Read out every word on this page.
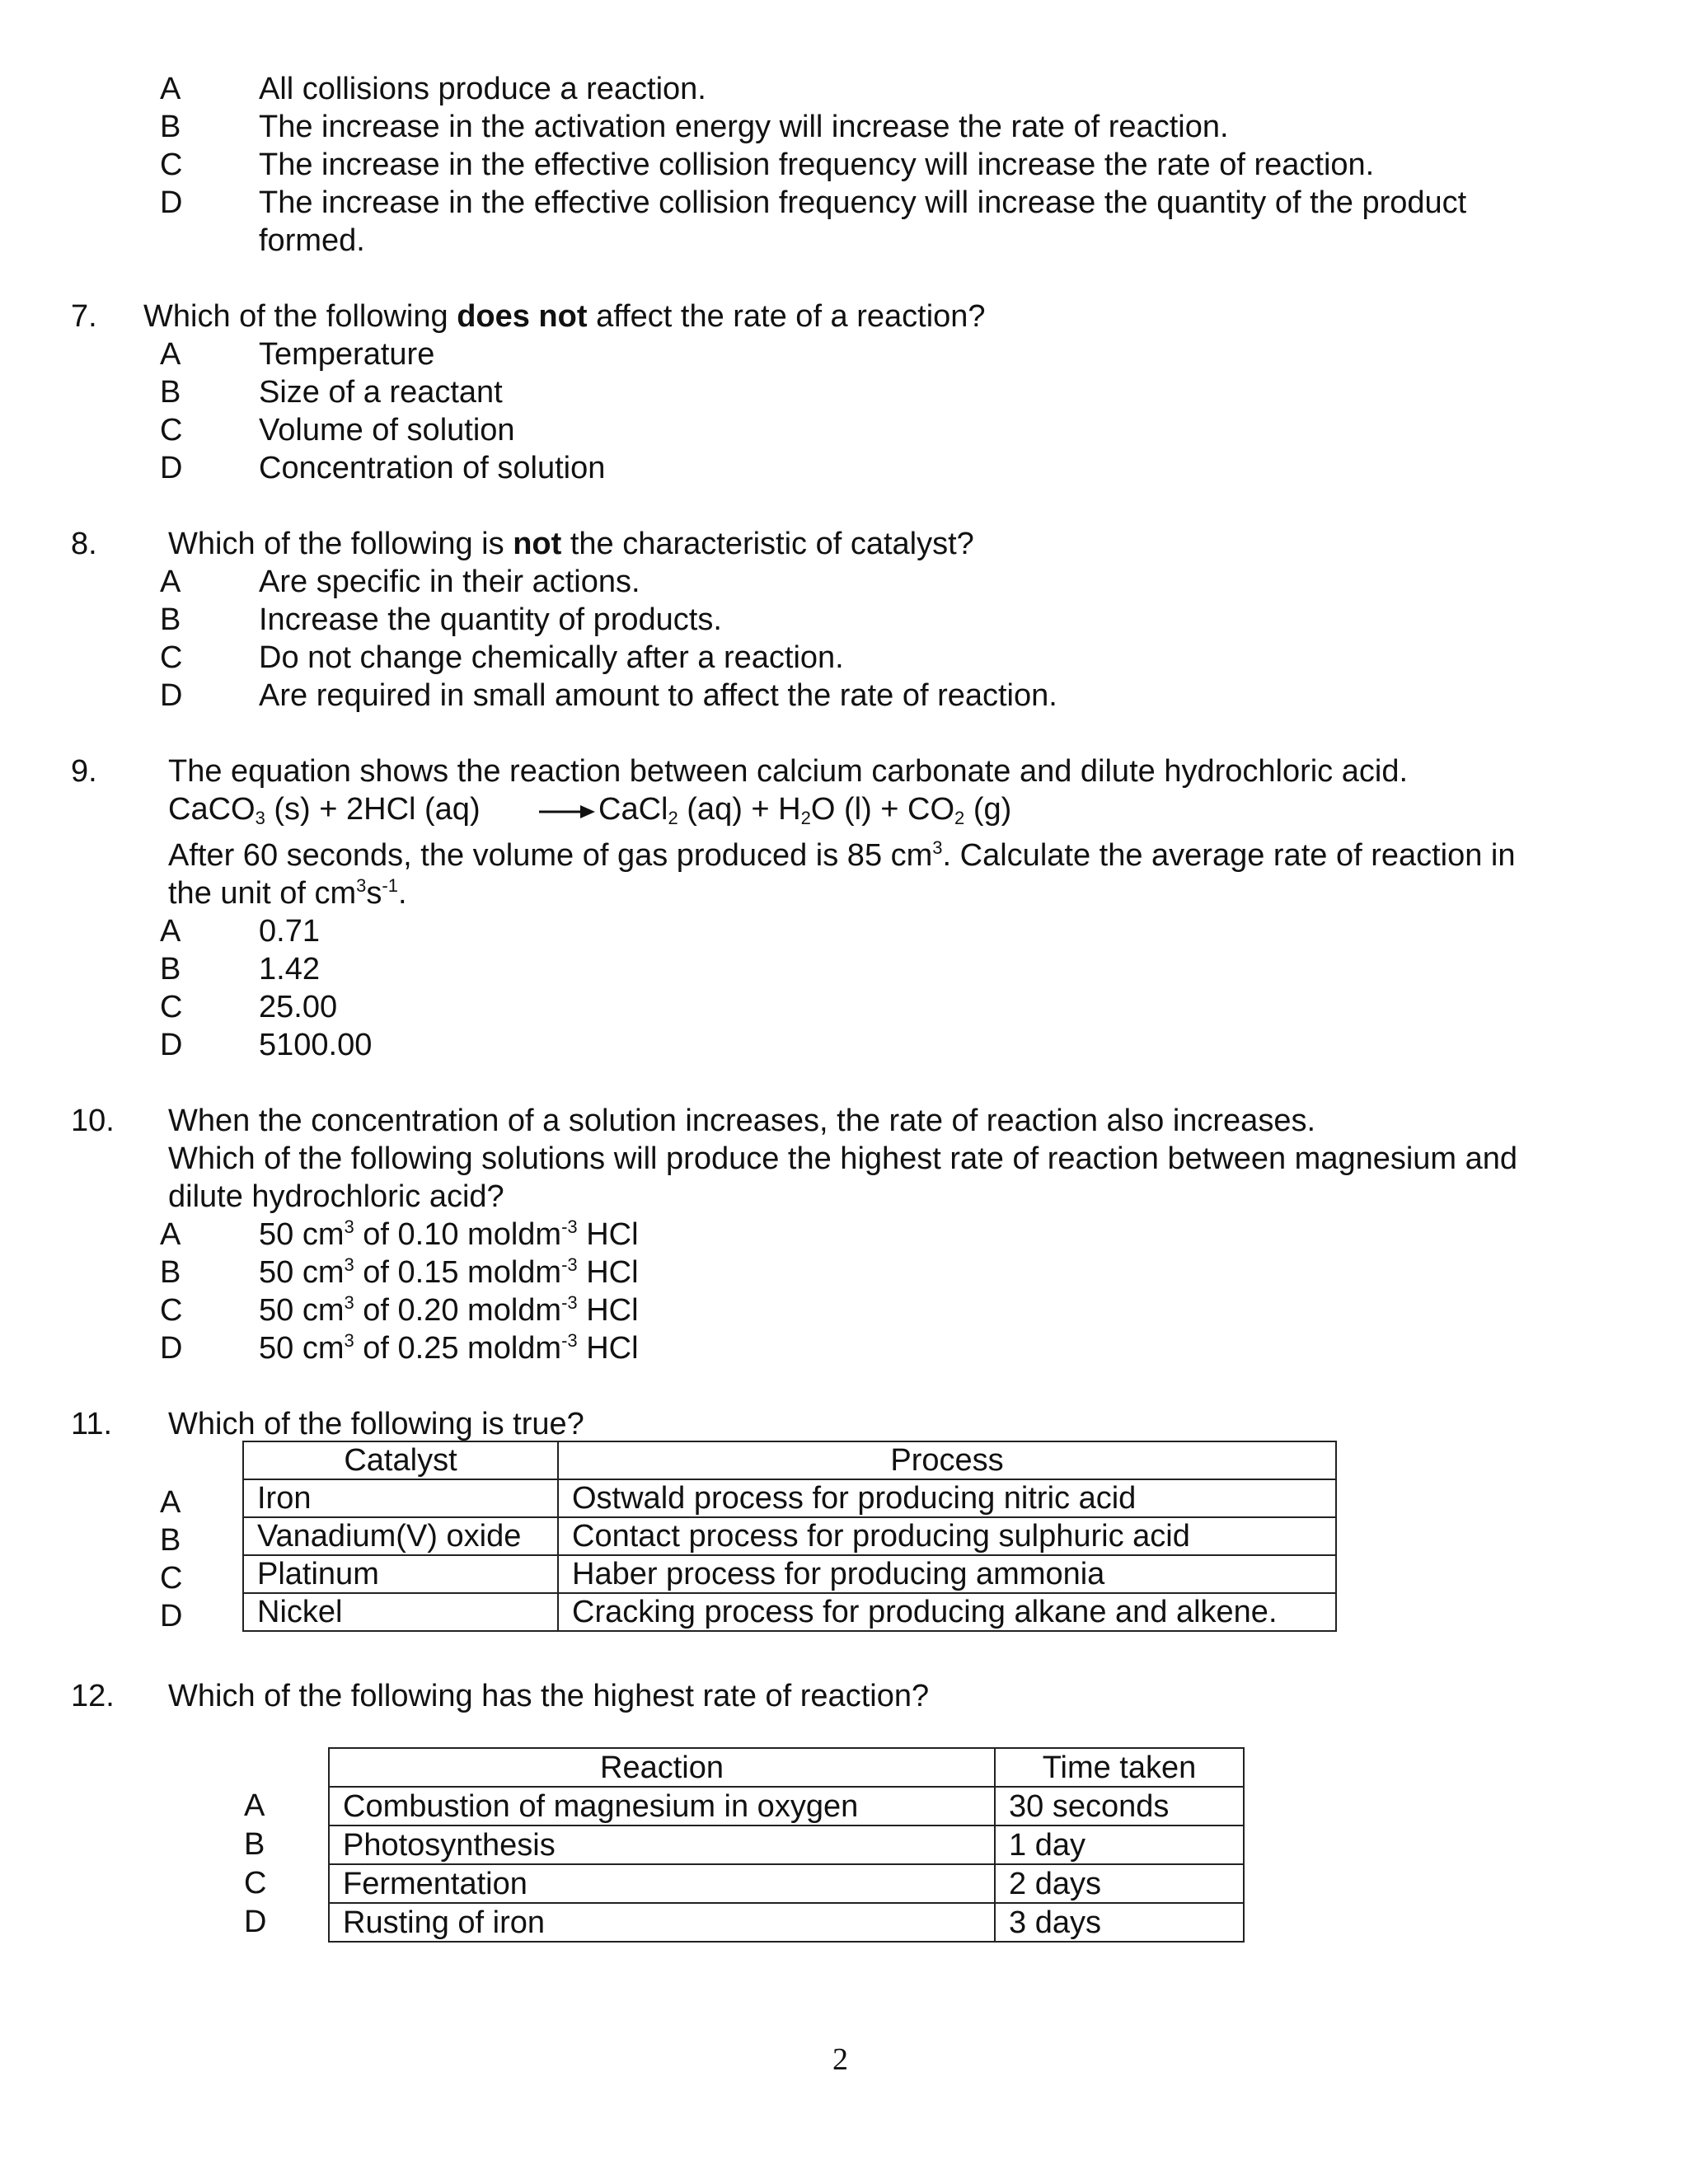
A All collisions produce a reaction.
B The increase in the activation energy will increase the rate of reaction.
C The increase in the effective collision frequency will increase the rate of reaction.
D The increase in the effective collision frequency will increase the quantity of the product
formed.
7. Which of the following does not affect the rate of a reaction?
A Temperature
B Size of a reactant
C Volume of solution
D Concentration of solution
8. Which of the following is not the characteristic of catalyst?
A Are specific in their actions.
B Increase the quantity of products.
C Do not change chemically after a reaction.
D Are required in small amount to affect the rate of reaction.
9. The equation shows the reaction between calcium carbonate and dilute hydrochloric acid.
CaCO$_3$ (s) + 2HCl (aq) → CaCl$_2$ $(aq) + H_2O$ $(l) + CO_2$ (g)
After 60 seconds, the volume of gas produced is 85 $cm^3$. Calculate the average rate of reaction in
the unit of $cm^3s^{-1}$.
A 0.71
B 1.42
C 25.00
D 5100.00
10. When the concentration of a solution increases, the rate of reaction also increases.
Which of the following solutions will produce the highest rate of reaction between magnesium and
dilute hydrochloric acid?
A 50 $cm^3$ of 0.10 moldm$^{-3}$ HCl
B 50 $cm^3$ of 0.15 moldm$^{-3}$ HCl
C 50 $cm^3$ of 0.20 moldm$^{-3}$ HCl
D 50 $cm^3$ of 0.25 moldm$^{-3}$ HCl
11. Which of the following is true?
A
B
C
D
Catalyst	Process
Iron	Ostwald process for producing nitric acid
Vanadium(V) oxide	Contact process for producing sulphuric acid
Platinum	Haber process for producing ammonia
Nickel	Cracking process for producing alkane and alkene.
12. Which of the following has the highest rate of reaction?
A
B
C
D
Reaction	Time taken
Combustion of magnesium in oxygen	30 seconds
Photosynthesis	1 day
Fermentation	2 days
Rusting of iron	3 days
2
